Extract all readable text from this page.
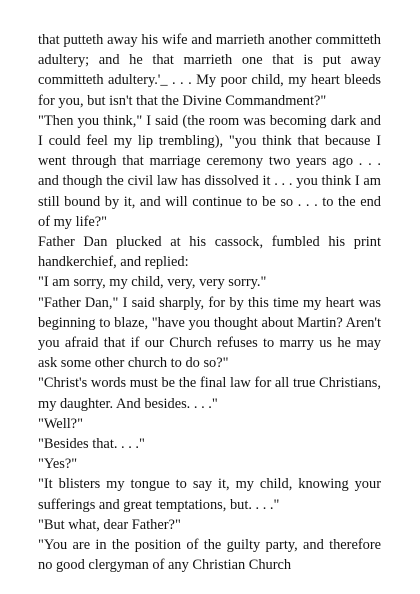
that putteth away his wife and marrieth another committeth adultery; and he that marrieth one that is put away committeth adultery.'_ . . . My poor child, my heart bleeds for you, but isn't that the Divine Commandment?"

"Then you think," I said (the room was becoming dark and I could feel my lip trembling), "you think that because I went through that marriage ceremony two years ago . . . and though the civil law has dissolved it . . . you think I am still bound by it, and will continue to be so . . . to the end of my life?"

Father Dan plucked at his cassock, fumbled his print handkerchief, and replied:

"I am sorry, my child, very, very sorry."

"Father Dan," I said sharply, for by this time my heart was beginning to blaze, "have you thought about Martin? Aren't you afraid that if our Church refuses to marry us he may ask some other church to do so?"

"Christ's words must be the final law for all true Christians, my daughter. And besides. . . ."

"Well?"

"Besides that. . . ."

"Yes?"

"It blisters my tongue to say it, my child, knowing your sufferings and great temptations, but. . . ."

"But what, dear Father?"

"You are in the position of the guilty party, and therefore no good clergyman of any Christian Church
